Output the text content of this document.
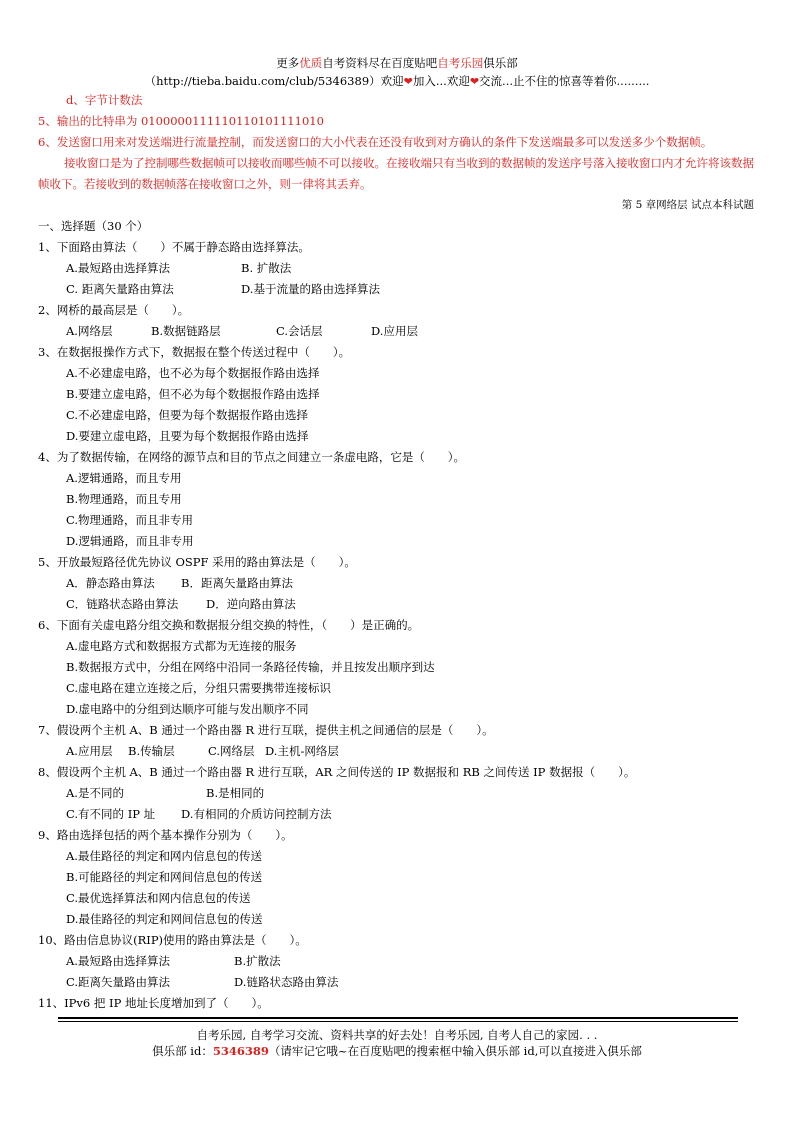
更多优质自考资料尽在百度贴吧自考乐园俱乐部
（http://tieba.baidu.com/club/5346389）欢迎❤加入...欢迎❤交流...止不住的惊喜等着你.........
d、字节计数法
5、输出的比特串为 0100000111110110101111010
6、发送窗口用来对发送端进行流量控制，而发送窗口的大小代表在还没有收到对方确认的条件下发送端最多可以发送多少个数据帧。
接收窗口是为了控制哪些数据帧可以接收而哪些帧不可以接收。在接收端只有当收到的数据帧的发送序号落入接收窗口内才允许将该数据帧收下。若接收到的数据帧落在接收窗口之外，则一律将其丢弃。
第 5 章网络层 试点本科试题
一、选择题（30 个）
1、下面路由算法（　　）不属于静态路由选择算法。
A.最短路由选择算法	B. 扩散法
C. 距离矢量路由算法	D.基于流量的路由选择算法
2、网桥的最高层是（　　）。
A.网络层	B.数据链路层	C.会话层	D.应用层
3、在数据报操作方式下，数据报在整个传送过程中（　　）。
A.不必建虚电路，也不必为每个数据报作路由选择
B.要建立虚电路，但不必为每个数据报作路由选择
C.不必建虚电路，但要为每个数据报作路由选择
D.要建立虚电路，且要为每个数据报作路由选择
4、为了数据传输，在网络的源节点和目的节点之间建立一条虚电路，它是（　　）。
A.逻辑通路，而且专用
B.物理通路，而且专用
C.物理通路，而且非专用
D.逻辑通路，而且非专用
5、开放最短路径优先协议 OSPF 采用的路由算法是（　　）。
A．静态路由算法 B．距离矢量路由算法
C．链路状态路由算法 D．逆向路由算法
6、下面有关虚电路分组交换和数据报分组交换的特性，（　　）是正确的。
A.虚电路方式和数据报方式都为无连接的服务
B.数据报方式中，分组在网络中沿同一条路径传输，并且按发出顺序到达
C.虚电路在建立连接之后，分组只需要携带连接标识
D.虚电路中的分组到达顺序可能与发出顺序不同
7、假设两个主机 A、B 通过一个路由器 R 进行互联，提供主机之间通信的层是（　　）。
A.应用层 B.传输层	C.网络层 D.主机-网络层
8、假设两个主机 A、B 通过一个路由器 R 进行互联，AR 之间传送的 IP 数据报和 RB 之间传送 IP 数据报（　　）。
A.是不同的	B.是相同的
C.有不同的 IP 址 D.有相同的介质访问控制方法
9、路由选择包括的两个基本操作分别为（　　）。
A.最佳路径的判定和网内信息包的传送
B.可能路径的判定和网间信息包的传送
C.最优选择算法和网内信息包的传送
D.最佳路径的判定和网间信息包的传送
10、路由信息协议(RIP)使用的路由算法是（　　）。
A.最短路由选择算法	B.扩散法
C.距离矢量路由算法	D.链路状态路由算法
11、IPv6 把 IP 地址长度增加到了（　　）。
自考乐园, 自考学习交流、资料共享的好去处！自考乐园, 自考人自己的家园. . .
俱乐部 id：5346389（请牢记它哦~在百度贴吧的搜索框中输入俱乐部 id,可以直接进入俱乐部
